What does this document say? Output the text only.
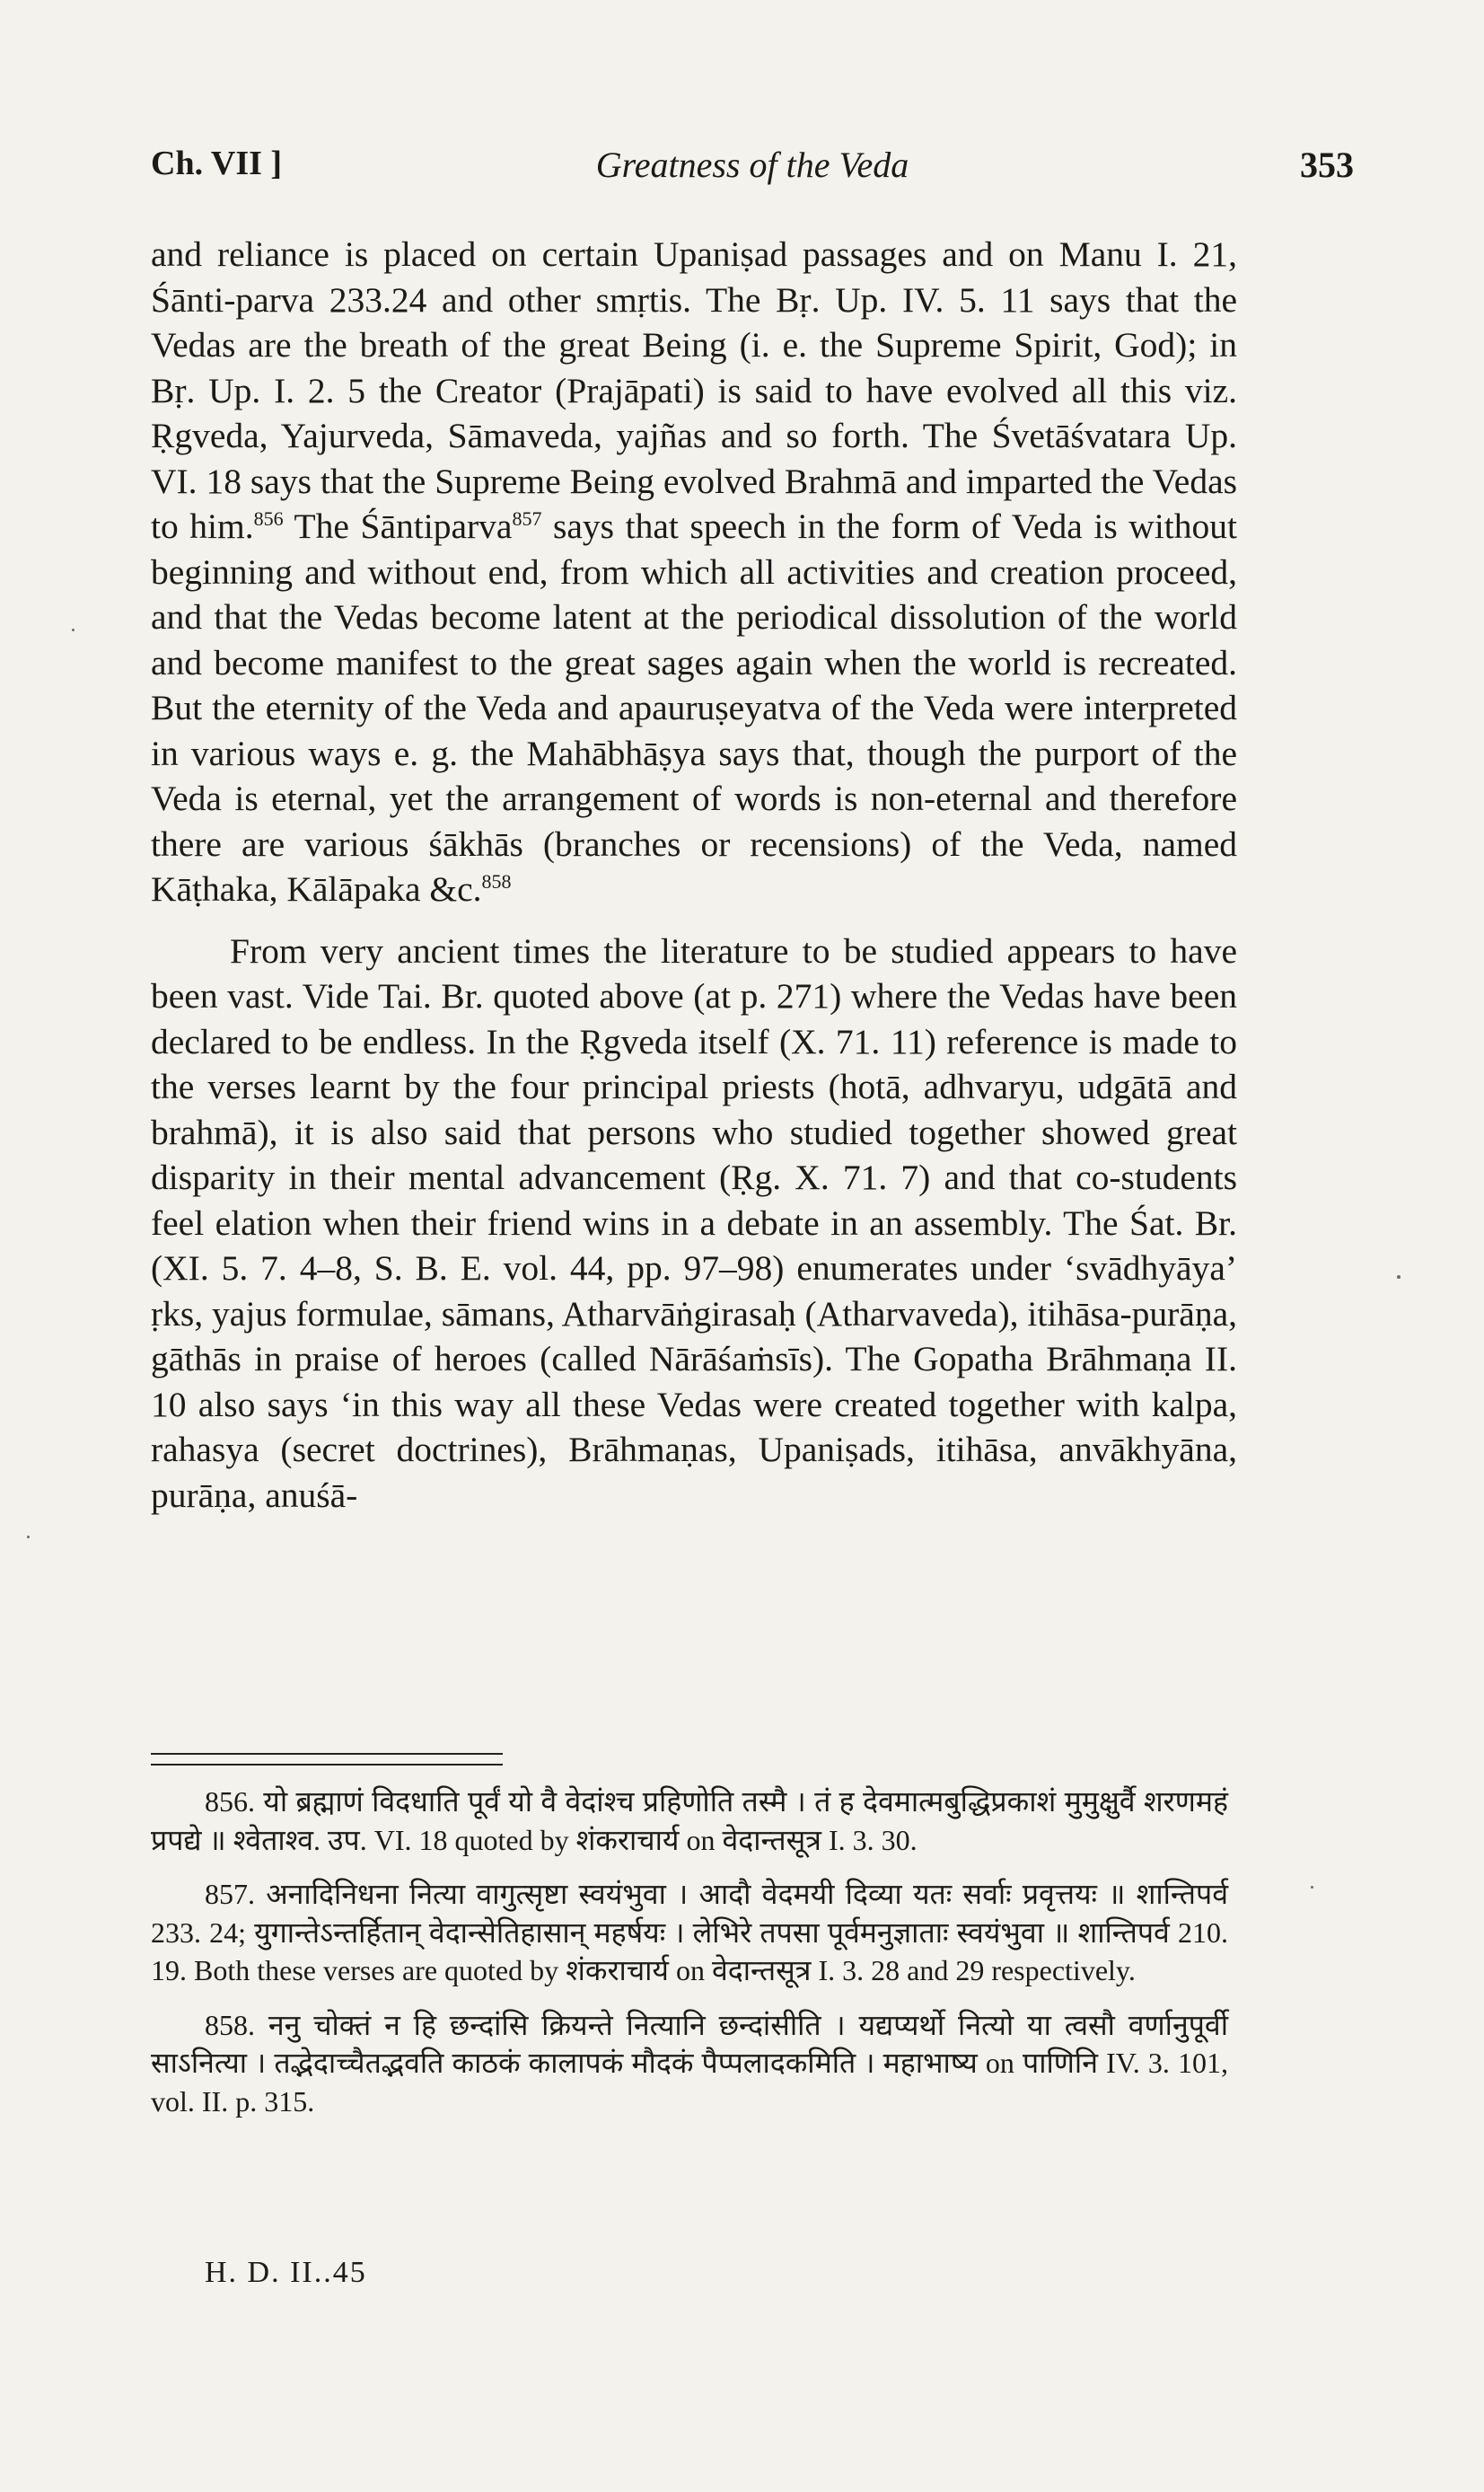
Greatness of the Veda
Ch. VII ]	353

and reliance is placed on certain Upaniṣad passages and on Manu I. 21, Śānti-parva 233.24 and other smṛtis. The Bṛ. Up. IV. 5. 11 says that the Vedas are the breath of the great Being (i. e. the Supreme Spirit, God); in Bṛ. Up. I. 2. 5 the Creator (Prajāpati) is said to have evolved all this viz. Ṛgveda, Yajurveda, Sāmaveda, yajñas and so forth. The Śvetāśvatara Up. VI. 18 says that the Supreme Being evolved Brahmā and imparted the Vedas to him.$^{856}$ The Śāntiparva$^{857}$ says that speech in the form of Veda is without beginning and without end, from which all activities and creation proceed, and that the Vedas become latent at the periodical dissolution of the world and become manifest to the great sages again when the world is recreated. But the eternity of the Veda and apauruṣeyatva of the Veda were interpreted in various ways e. g. the Mahābhāṣya says that, though the purport of the Veda is eternal, yet the arrangement of words is non-eternal and therefore there are various śākhās (branches or recensions) of the Veda, named Kāṭhaka, Kālāpaka &c.$^{858}$

From very ancient times the literature to be studied appears to have been vast. Vide Tai. Br. quoted above (at p. 271) where the Vedas have been declared to be endless. In the Ṛgveda itself (X. 71. 11) reference is made to the verses learnt by the four principal priests (hotā, adhvaryu, udgātā and brahmā), it is also said that persons who studied together showed great disparity in their mental advancement (Ṛg. X. 71. 7) and that co-students feel elation when their friend wins in a debate in an assembly. The Śat. Br. (XI. 5. 7. 4–8, S. B. E. vol. 44, pp. 97–98) enumerates under ‘svādhyāya’ ṛks, yajus formulae, sāmans, Atharvāṅgirasaḥ (Atharvaveda), itihāsa-purāṇa, gāthās in praise of heroes (called Nārāśaṁsīs). The Gopatha Brāhmaṇa II. 10 also says ‘in this way all these Vedas were created together with kalpa, rahasya (secret doctrines), Brāhmaṇas, Upaniṣads, itihāsa, anvākhyāna, purāṇa, anuśā-

856. यो ब्रह्माणं विदधाति पूर्वं यो वै वेदांश्च प्रहिणोति तस्मै । तं ह देवमात्मबुद्धिप्रकाशं मुमुक्षुर्वै शरणमहं प्रपद्ये ॥ श्वेताश्व. उप. VI. 18 quoted by शंकराचार्य on वेदान्तसूत्र I. 3. 30.

857. अनादिनिधना नित्या वागुत्सृष्टा स्वयंभुवा । आदौ वेदमयी दिव्या यतः सर्वाः प्रवृत्तयः ॥ शान्तिपर्व 233. 24; युगान्तेऽन्तर्हितान् वेदान्सेतिहासान् महर्षयः । लेभिरे तपसा पूर्वमनुज्ञाताः स्वयंभुवा ॥ शान्तिपर्व 210. 19. Both these verses are quoted by शंकराचार्य on वेदान्तसूत्र I. 3. 28 and 29 respectively.

858. ननु चोक्तं न हि छन्दांसि क्रियन्ते नित्यानि छन्दांसीति । यद्यप्यर्थो नित्यो या त्वसौ वर्णानुपूर्वी साऽनित्या । तद्भेदाच्चैतद्भवति काठकं कालापकं मौदकं पैप्पलादकमिति । महाभाष्य on पाणिनि IV. 3. 101, vol. II. p. 315.

H. D. II..45
